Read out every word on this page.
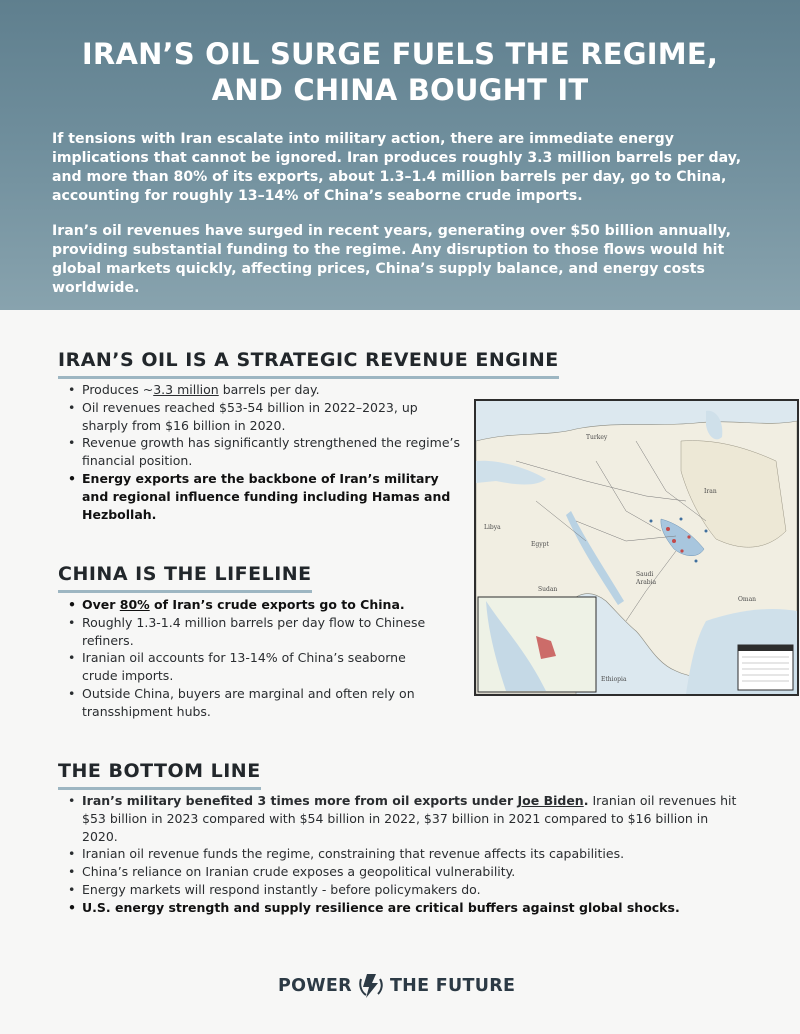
IRAN’S OIL SURGE FUELS THE REGIME,
AND CHINA BOUGHT IT

If tensions with Iran escalate into military action, there are immediate energy implications that cannot be ignored. Iran produces roughly 3.3 million barrels per day, and more than 80% of its exports, about 1.3–1.4 million barrels per day, go to China, accounting for roughly 13–14% of China’s seaborne crude imports.

Iran’s oil revenues have surged in recent years, generating over $50 billion annually, providing substantial funding to the regime. Any disruption to those flows would hit global markets quickly, affecting prices, China’s supply balance, and energy costs worldwide.

IRAN’S OIL IS A STRATEGIC REVENUE ENGINE
• Produces ~3.3 million barrels per day.
• Oil revenues reached $53-54 billion in 2022–2023, up sharply from $16 billion in 2020.
• Revenue growth has significantly strengthened the regime’s financial position.
• Energy exports are the backbone of Iran’s military and regional influence funding including Hamas and Hezbollah.
CHINA IS THE LIFELINE
• Over 80% of Iran’s crude exports go to China.
• Roughly 1.3-1.4 million barrels per day flow to Chinese refiners.
• Iranian oil accounts for 13-14% of China’s seaborne crude imports.
• Outside China, buyers are marginal and often rely on transshipment hubs.
Turkey
Iran
Egypt
Saudi
Arabia
Sudan
Libya
Ethiopia
Oman
THE BOTTOM LINE
• Iran’s military benefited 3 times more from oil exports under Joe Biden. Iranian oil revenues hit $53 billion in 2023 compared with $54 billion in 2022, $37 billion in 2021 compared to $16 billion in 2020.
• Iranian oil revenue funds the regime, constraining that revenue affects its capabilities.
• China’s reliance on Iranian crude exposes a geopolitical vulnerability.
• Energy markets will respond instantly - before policymakers do.
• U.S. energy strength and supply resilience are critical buffers against global shocks.
POWER THE FUTURE
